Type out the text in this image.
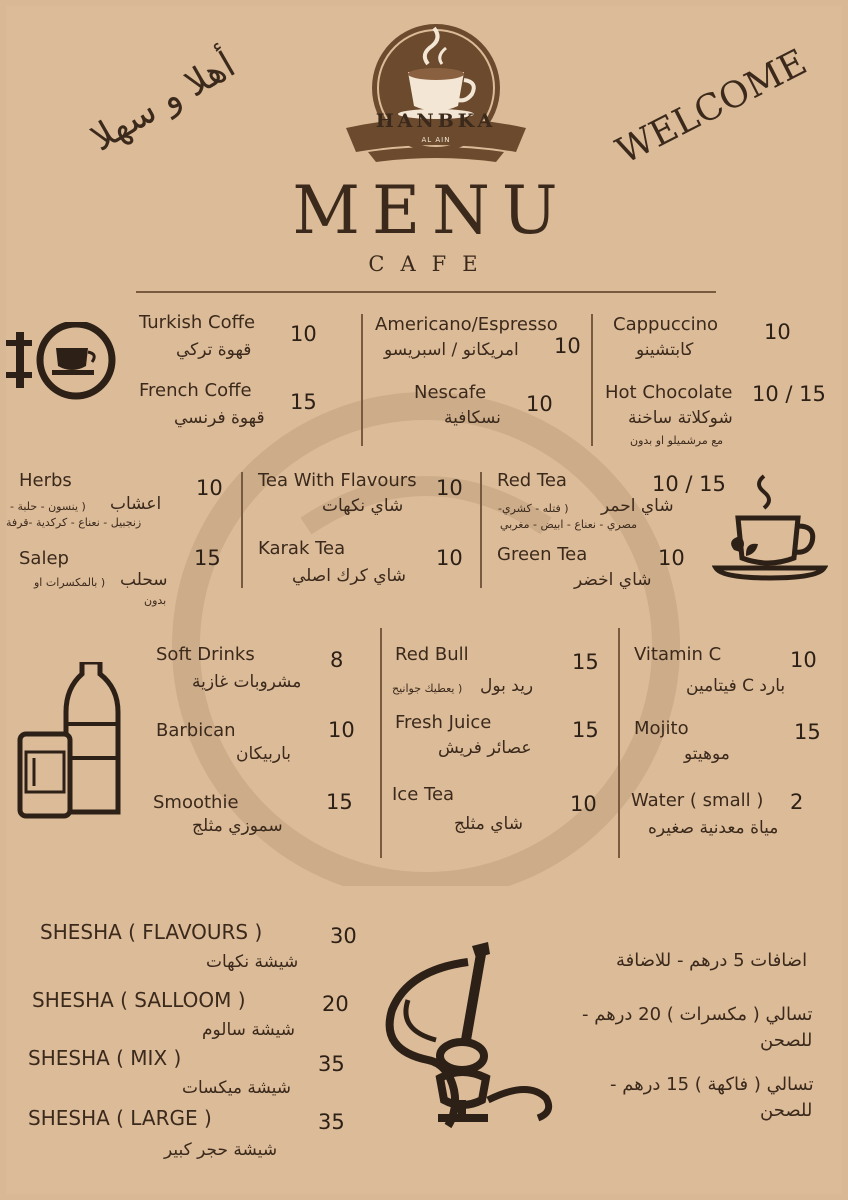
HANBKA
AL AIN
MENU
CAFE
WELCOME
أهلا و سهلا
Turkish Coffe
قهوة تركي
10
French Coffe
قهوة فرنسي
15
Americano/Espresso
امريكانو / اسبريسو 10
Nescafe
نسكافية
10
Cappuccino
كابتشينو
10
Hot Chocolate
شوكلاتة ساخنة
مع مرشميلو او بدون
10 / 15
Herbs
اعشاب
( ينسون - حلبة -
زنجبيل - نعناع - كركدية -قرفة
10
Salep
سحلب
( بالمكسرات او
بدون
15
Tea With Flavours
شاي نكهات
10
Karak Tea
شاي كرك اصلي
10
Red Tea
شاي احمر
( فتله - كشري-
مصري - نعناع - ابيض - مغربي
10 / 15
Green Tea
شاي اخضر
10
Soft Drinks
مشروبات غازية
8
Barbican
باربيكان
10
Smoothie
سموزي مثلج
15
Red Bull
ريد بول
( يعطيك جوانيح
15
Fresh Juice
عصائر فريش
15
Ice Tea
شاي مثلج
10
Vitamin C
بارد C فيتامين
10
Mojito
موهيتو
15
Water ( small )
مياة معدنية صغيره
2
SHESHA ( FLAVOURS )
شيشة نكهات
30
SHESHA ( SALLOOM )
شيشة سالوم
20
SHESHA ( MIX )
شيشة ميكسات
35
SHESHA ( LARGE )
شيشة حجر كبير
35
اضافات 5 درهم - للاضافة
تسالي ( مكسرات ) 20 درهم -
للصحن
تسالي ( فاكهة ) 15 درهم -
للصحن
